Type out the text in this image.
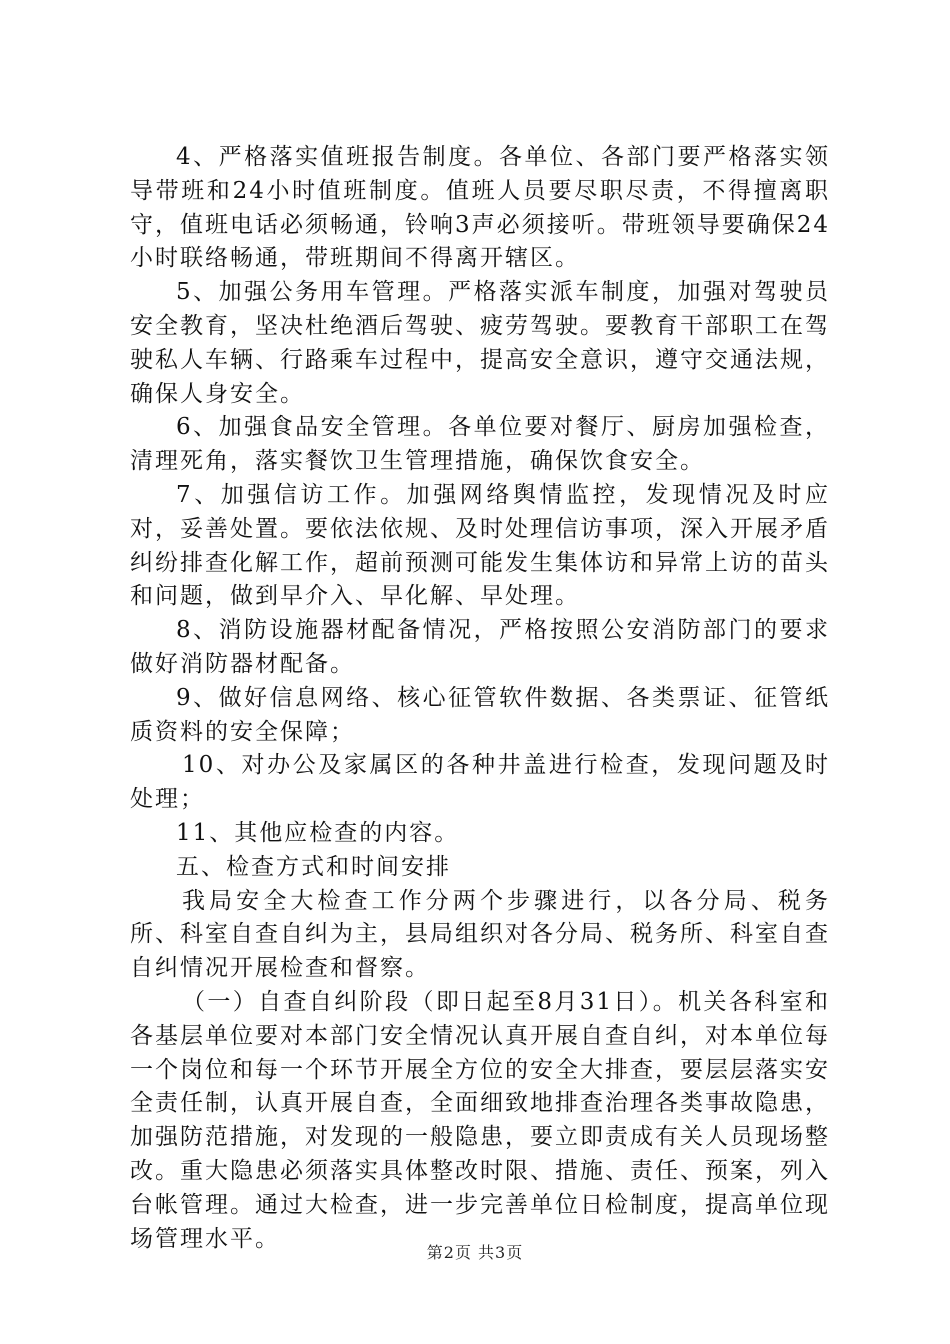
4、严格落实值班报告制度。各单位、各部门要严格落实领导带班和24小时值班制度。值班人员要尽职尽责，不得擅离职守，值班电话必须畅通，铃响3声必须接听。带班领导要确保24小时联络畅通，带班期间不得离开辖区。

5、加强公务用车管理。严格落实派车制度，加强对驾驶员安全教育，坚决杜绝酒后驾驶、疲劳驾驶。要教育干部职工在驾驶私人车辆、行路乘车过程中，提高安全意识，遵守交通法规，确保人身安全。

6、加强食品安全管理。各单位要对餐厅、厨房加强检查，清理死角，落实餐饮卫生管理措施，确保饮食安全。

7、加强信访工作。加强网络舆情监控，发现情况及时应对，妥善处置。要依法依规、及时处理信访事项，深入开展矛盾纠纷排查化解工作，超前预测可能发生集体访和异常上访的苗头和问题，做到早介入、早化解、早处理。

8、消防设施器材配备情况，严格按照公安消防部门的要求做好消防器材配备。

9、做好信息网络、核心征管软件数据、各类票证、征管纸质资料的安全保障；

10、对办公及家属区的各种井盖进行检查，发现问题及时处理；

11、其他应检查的内容。

五、检查方式和时间安排

我局安全大检查工作分两个步骤进行，以各分局、税务所、科室自查自纠为主，县局组织对各分局、税务所、科室自查自纠情况开展检查和督察。

（一）自查自纠阶段（即日起至8月31日）。机关各科室和各基层单位要对本部门安全情况认真开展自查自纠，对本单位每一个岗位和每一个环节开展全方位的安全大排查，要层层落实安全责任制，认真开展自查，全面细致地排查治理各类事故隐患，加强防范措施，对发现的一般隐患，要立即责成有关人员现场整改。重大隐患必须落实具体整改时限、措施、责任、预案，列入台帐管理。通过大检查，进一步完善单位日检制度，提高单位现场管理水平。

第2页 共3页
